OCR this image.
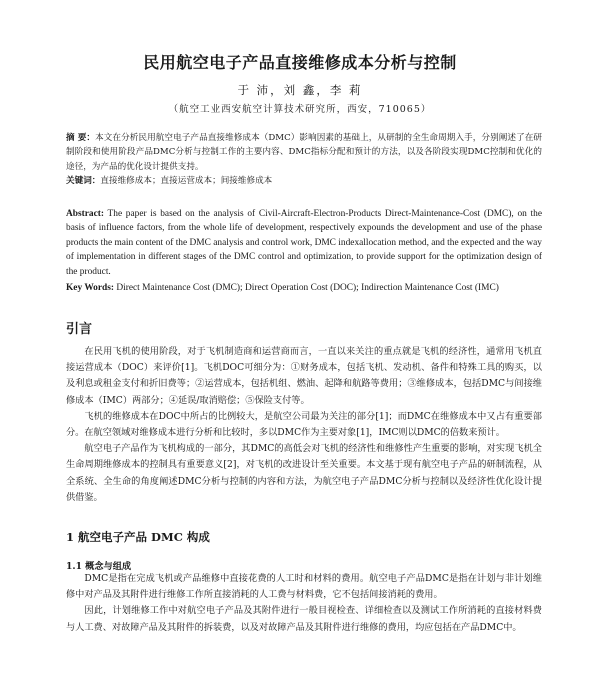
民用航空电子产品直接维修成本分析与控制
于 沛，刘 鑫，李 莉
（航空工业西安航空计算技术研究所，西安，710065）
摘 要：本文在分析民用航空电子产品直接维修成本（DMC）影响因素的基础上，从研制的全生命周期入手，分别阐述了在研制阶段和使用阶段产品DMC分析与控制工作的主要内容、DMC指标分配和预计的方法，以及各阶段实现DMC控制和优化的途径，为产品的优化设计提供支持。
关键词：直接维修成本；直接运营成本；间接维修成本
Abstract: The paper is based on the analysis of Civil-Aircraft-Electron-Products Direct-Maintenance-Cost (DMC), on the basis of influence factors, from the whole life of development, respectively expounds the development and use of the phase products the main content of the DMC analysis and control work, DMC indexallocation method, and the expected and the way of implementation in different stages of the DMC control and optimization, to provide support for the optimization design of the product.
Key Words: Direct Maintenance Cost (DMC); Direct Operation Cost (DOC); Indirection Maintenance Cost (IMC)
引言

在民用飞机的使用阶段，对于飞机制造商和运营商而言，一直以来关注的重点就是飞机的经济性，通常用飞机直接运营成本（DOC）来评价[1]。飞机DOC可细分为：①财务成本，包括飞机、发动机、备件和特殊工具的购买，以及利息或租金支付和折旧费等；②运营成本，包括机组、燃油、起降和航路等费用；③维修成本，包括DMC与间接维修成本（IMC）两部分；④延误/取消赔偿；⑤保险支付等。

飞机的维修成本在DOC中所占的比例较大，是航空公司最为关注的部分[1]；而DMC在维修成本中又占有重要部分。在航空领域对维修成本进行分析和比较时，多以DMC作为主要对象[1]，IMC则以DMC的倍数来预计。

航空电子产品作为飞机构成的一部分，其DMC的高低会对飞机的经济性和维修性产生重要的影响，对实现飞机全生命周期维修成本的控制具有重要意义[2]，对飞机的改进设计至关重要。本文基于现有航空电子产品的研制流程，从全系统、全生命的角度阐述DMC分析与控制的内容和方法，为航空电子产品DMC分析与控制以及经济性优化设计提供借鉴。

1 航空电子产品 DMC 构成
1.1 概念与组成

DMC是指在完成飞机或产品维修中直接花费的人工时和材料的费用。航空电子产品DMC是指在计划与非计划维修中对产品及其附件进行维修工作所直接消耗的人工费与材料费，它不包括间接消耗的费用。

因此，计划维修工作中对航空电子产品及其附件进行一般目视检查、详细检查以及测试工作所消耗的直接材料费与人工费、对故障产品及其附件的拆装费，以及对故障产品及其附件进行维修的费用，均应包括在产品DMC中。
